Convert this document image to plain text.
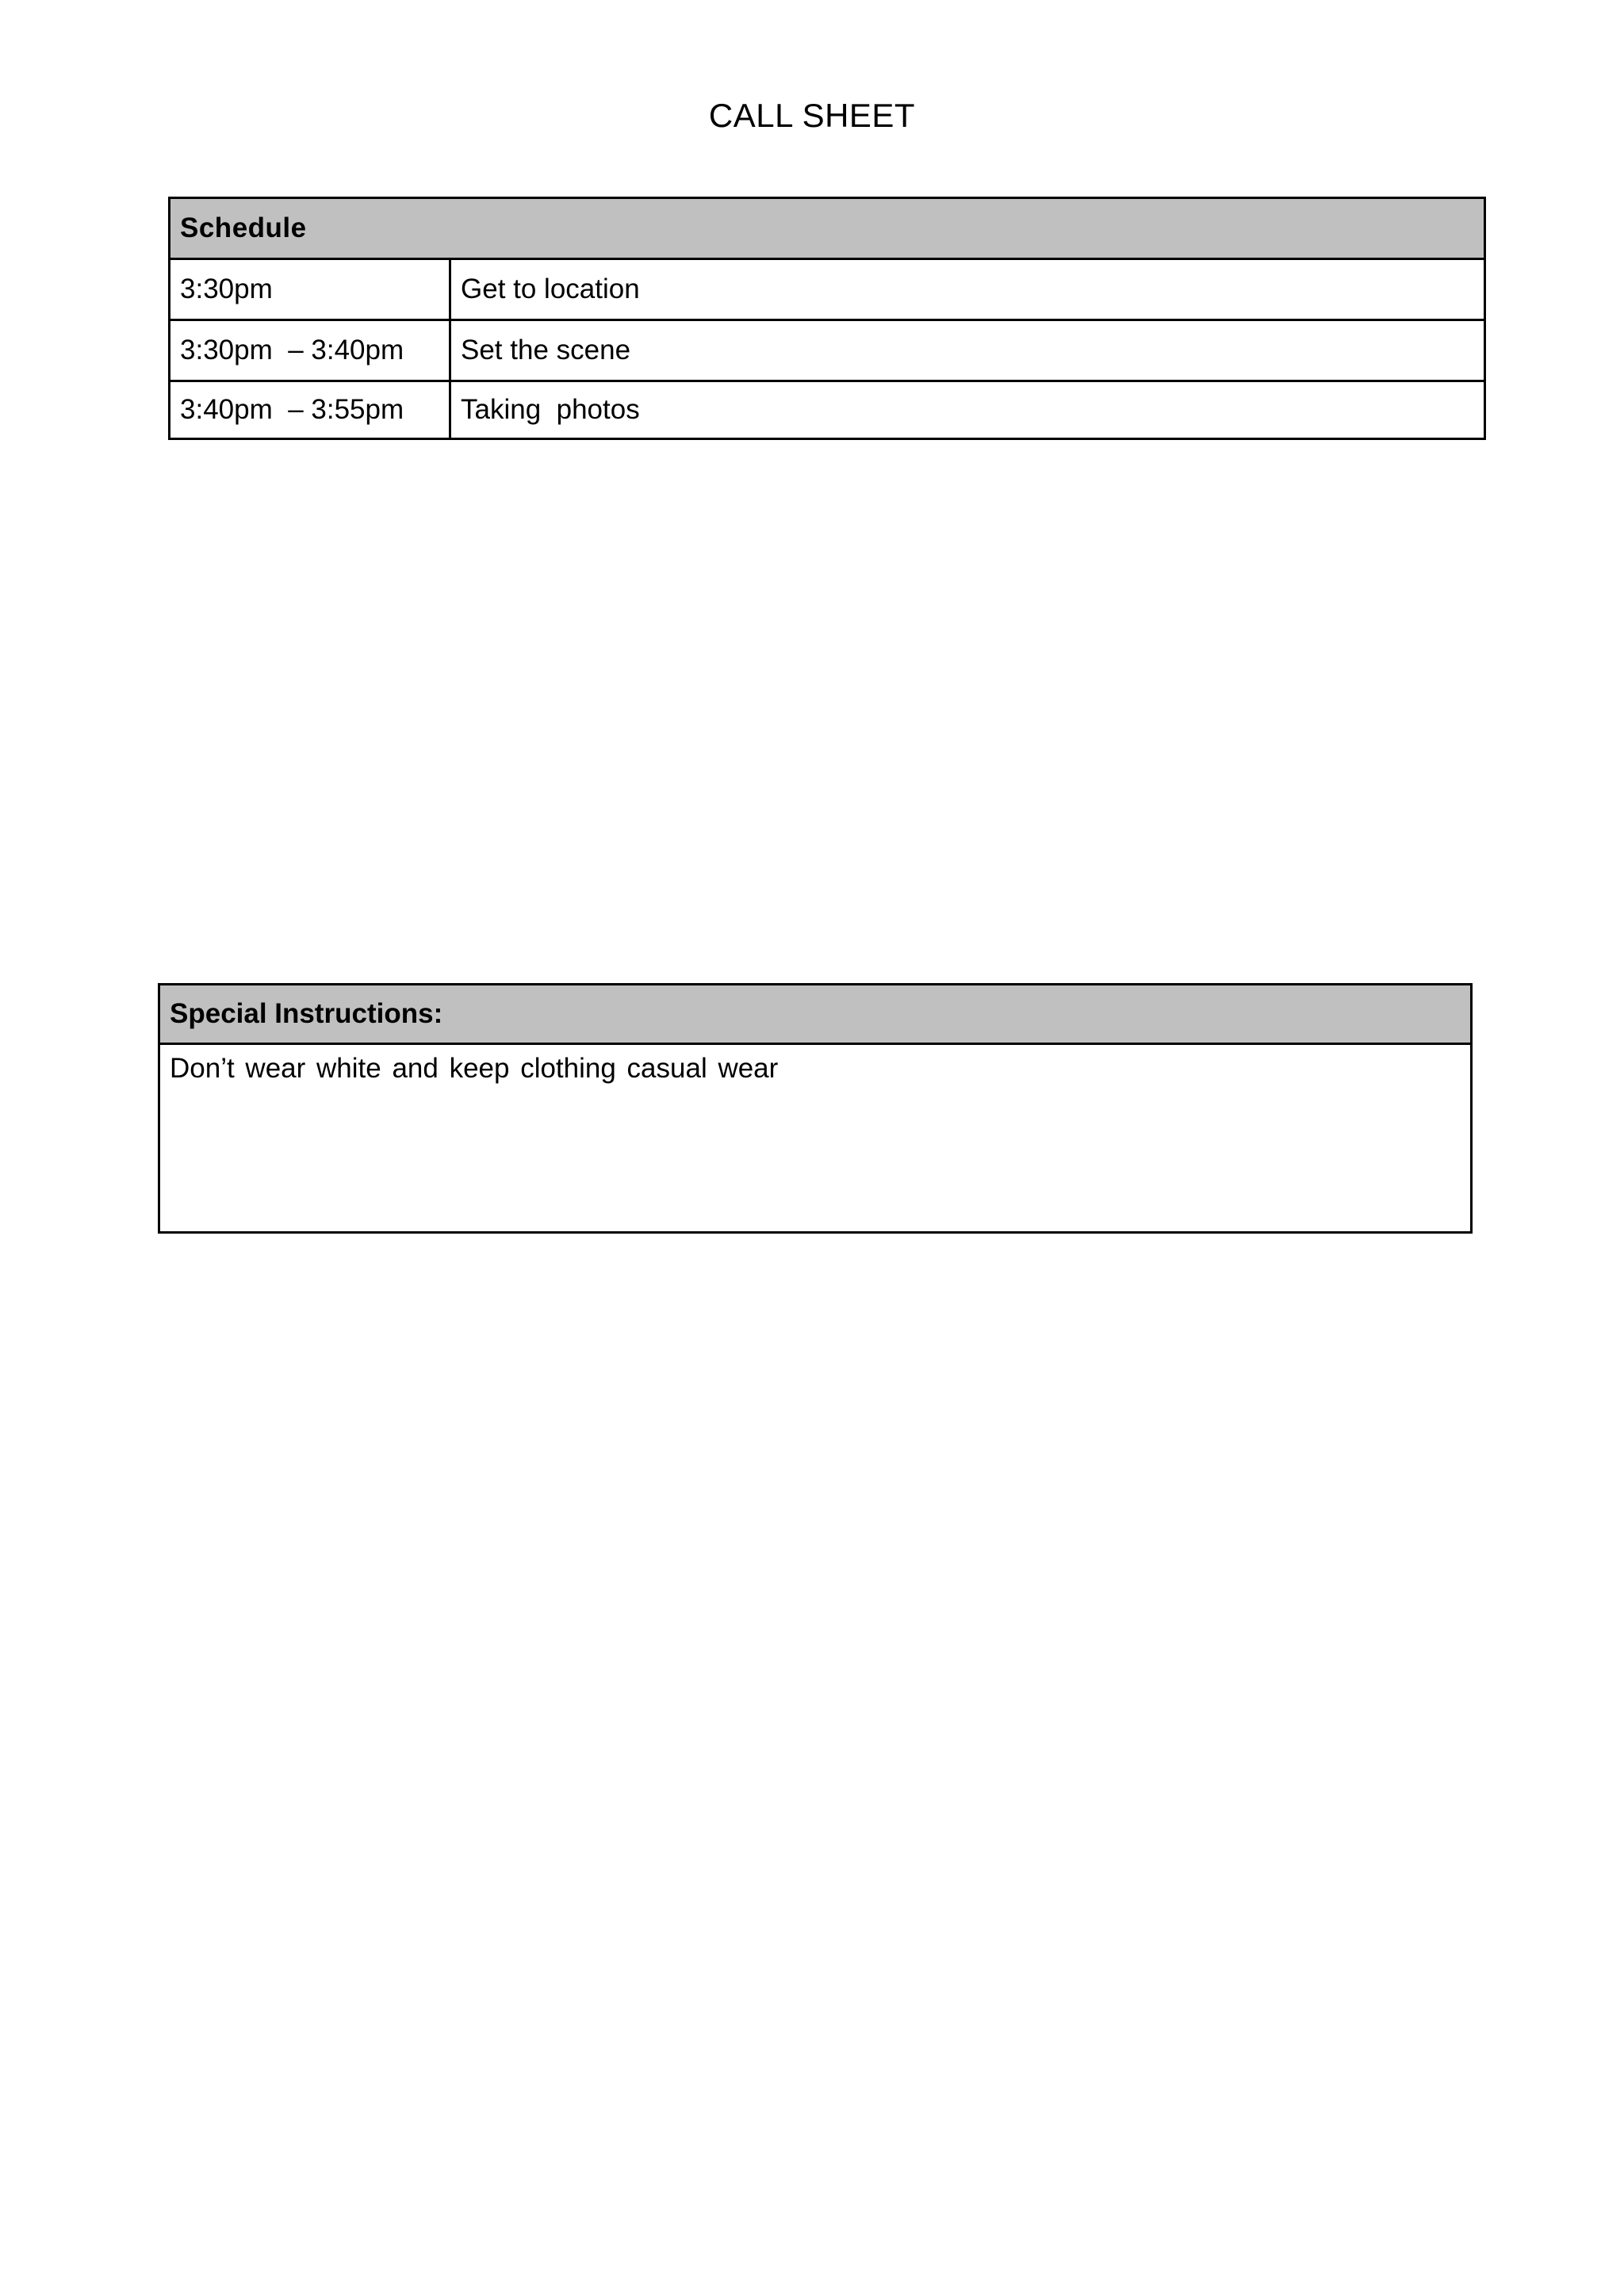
CALL SHEET
Schedule	
3:30pm	Get to location
3:30pm  – 3:40pm	Set the scene
3:40pm  – 3:55pm	Taking  photos
Special Instructions:
Don’t wear white and keep clothing casual wear
